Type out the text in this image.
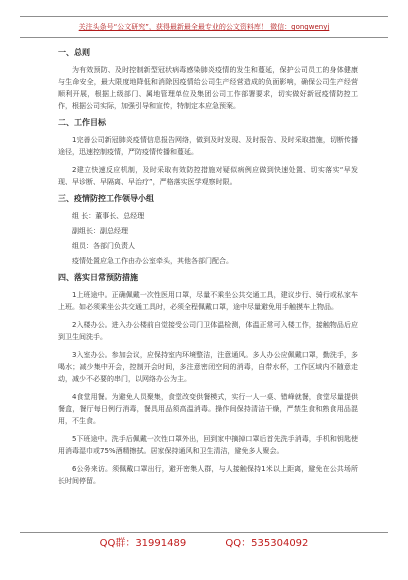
关注头条号“公文研究”，获得最新最全最专业的公文资料库！ 微信：gongwenyj
一、总则
为有效预防、及时控制新型冠状病毒感染肺炎疫情的发生和蔓延，保护公司员工的身体健康与生命安全，最大限度地降低和消除因疫情给公司生产经营造成的负面影响，确保公司生产经营顺利开展，根据上级部门、属地管理单位及集团公司工作部署要求，切实做好新冠疫情防控工作，根据公司实际，加强引导和宣传，特制定本应急预案。
二、工作目标
1完善公司新冠肺炎疫情信息报告网络，做到及时发现、及时报告、及时采取措施，切断传播途径，迅速控制疫情，严防疫情传播和蔓延。
2建立快速反应机制，及时采取有效防控措施对疑似病例应做到快速处置、切实落实“早发现、早诊断、早隔离、早治疗”，严格落实医学观察时限。
三、疫情防控工作领导小组
组 长：董事长、总经理
副组长：副总经理
组员：各部门负责人
疫情处置应急工作由办公室牵头，其他各部门配合。
四、落实日常预防措施
1上班途中。正确佩戴一次性医用口罩，尽量不乘坐公共交通工具，建议步行、骑行或私家车上班。如必须乘坐公共交通工具时，必须全程佩戴口罩，途中尽量避免用手触摸车上物品。
2入楼办公。进入办公楼前自觉接受公司门卫体温检测，体温正常可入楼工作，接触物品后应到卫生间洗手。
3入室办公。参加会议，应保持室内环境整洁，注意通风。多人办公应佩戴口罩，勤洗手，多喝水；减少集中开会，控制开会时间，多注意密闭空间的消毒，自带水杯，工作区域内不随意走动，减少不必要的串门，以网络办公为主。
4食堂用餐。为避免人员聚集，食堂改变供餐模式，实行一人一桌、错峰就餐，食堂尽量提供餐盒，餐厅每日例行消毒，餐具用品须高温消毒。操作间保持清洁干燥，严禁生食和熟食用品混用，不生食。
5下班途中。洗手后佩戴一次性口罩外出，回到家中摘掉口罩后首先洗手消毒，手机和钥匙使用消毒湿巾或75%酒精擦拭。居家保持通风和卫生清洁，避免多人聚会。
6公务来访。须佩戴口罩出行，避开密集人群，与人接触保持1米以上距离，避免在公共场所长时间停留。
QQ群：31991489	QQ：535304092
